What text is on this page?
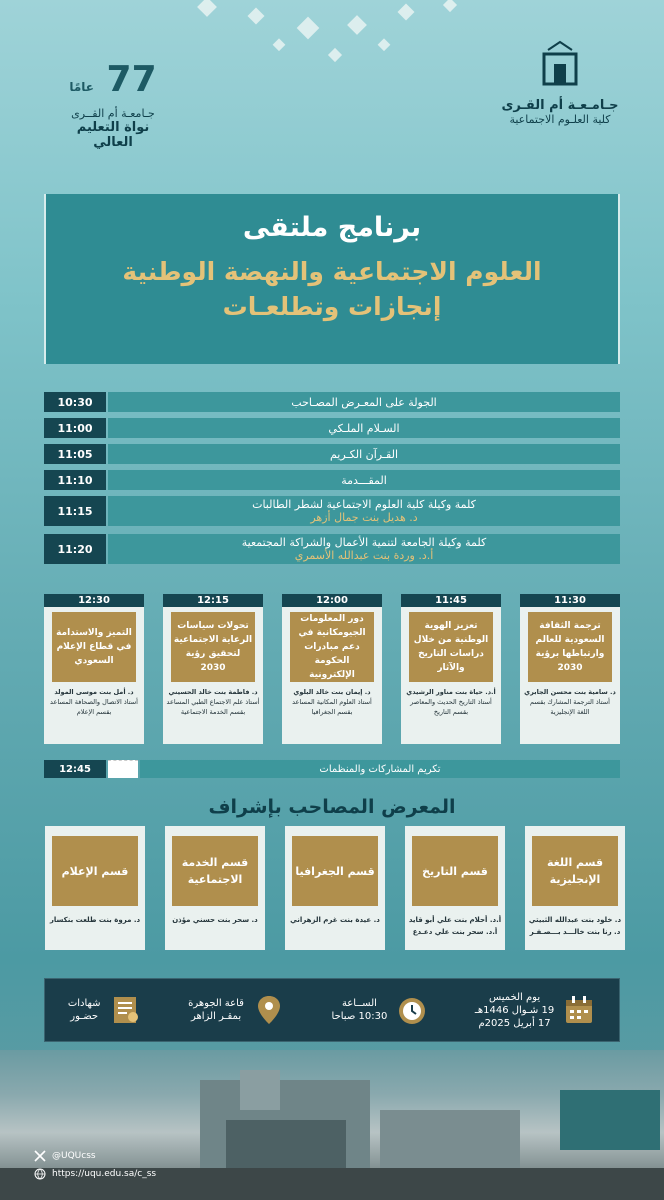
جـامـعـة أم القـرى
كلية العلـوم الاجتماعية
77 عامًا
جـامعـة أم القــرى
نواة التعليم العالي
برنامج ملتقى
العلوم الاجتماعية والنهضة الوطنية
إنجازات وتطلعـات
10:30	الجولة على المعـرض المصـاحب
11:00	السـلام الملـكي
11:05	القـرآن الكـريم
11:10	المقـــدمة
11:15	كلمة وكيلة كلية العلوم الاجتماعية لشطر الطالبات
د. هديل بنت جمال أزهر
11:20	كلمة وكيلة الجامعة لتنمية الأعمال والشراكة المجتمعية
أ.د. وردة بنت عبدالله الأسمري
11:30
ترجمة الثقافة السعودية للعالم وارتباطها برؤية 2030
د. سامية بنت محسن الجابري
أستاذ الترجمة المشارك بقسم اللغة الإنجليزية
11:45
تعزيز الهوية الوطنية من خلال دراسات التاريخ والآثار
أ.د. حياة بنت مناور الرشيدي
أستاذ التاريخ الحديث والمعاصر بقسم التاريخ
12:00
دور المعلومات الجيومكانية في دعم مبادرات الحكومة الإلكترونية
د. إيمان بنت خالد البلوي
أستاذ العلوم المكانية المساعد بقسم الجغرافيا
12:15
تحولات سياسات الرعاية الاجتماعية لتحقيق رؤية 2030
د. فاطمة بنت خالد الحسيني
أستاذ علم الاجتماع الطبي المساعد بقسم الخدمة الاجتماعية
12:30
التميز والاستدامة في قطاع الإعلام السعودي
د. أمل بنت موسى المولد
أستاذ الاتصال والصحافة المساعد بقسم الإعلام
12:45	تكريم المشاركات والمنظمات
المعرض المصاحب بإشراف
قسم اللغة الإنجليزية
د. خلود بنت عبدالله الثبيتي
د. رنا بنت خالـــد بـــصـفـر
قسم التاريخ
أ.د. أحلام بنت علي أبو قايد
أ.د. سحر بنت علي دعـدع
قسم الجغرافيا
د. عيدة بنت غرم الزهراني
قسم الخدمة الاجتماعية
د. سحر بنت حسني مؤذن
قسم الإعلام
د. مروة بنت طلعت بنكسار
يوم الخميس
19 شـوال 1446هـ
17 أبريل 2025م
الســاعة
10:30 صباحا
قاعة الجوهرة
بمقـر الزاهر
شهادات
حضـور
@UQUcss
https://uqu.edu.sa/c_ss
